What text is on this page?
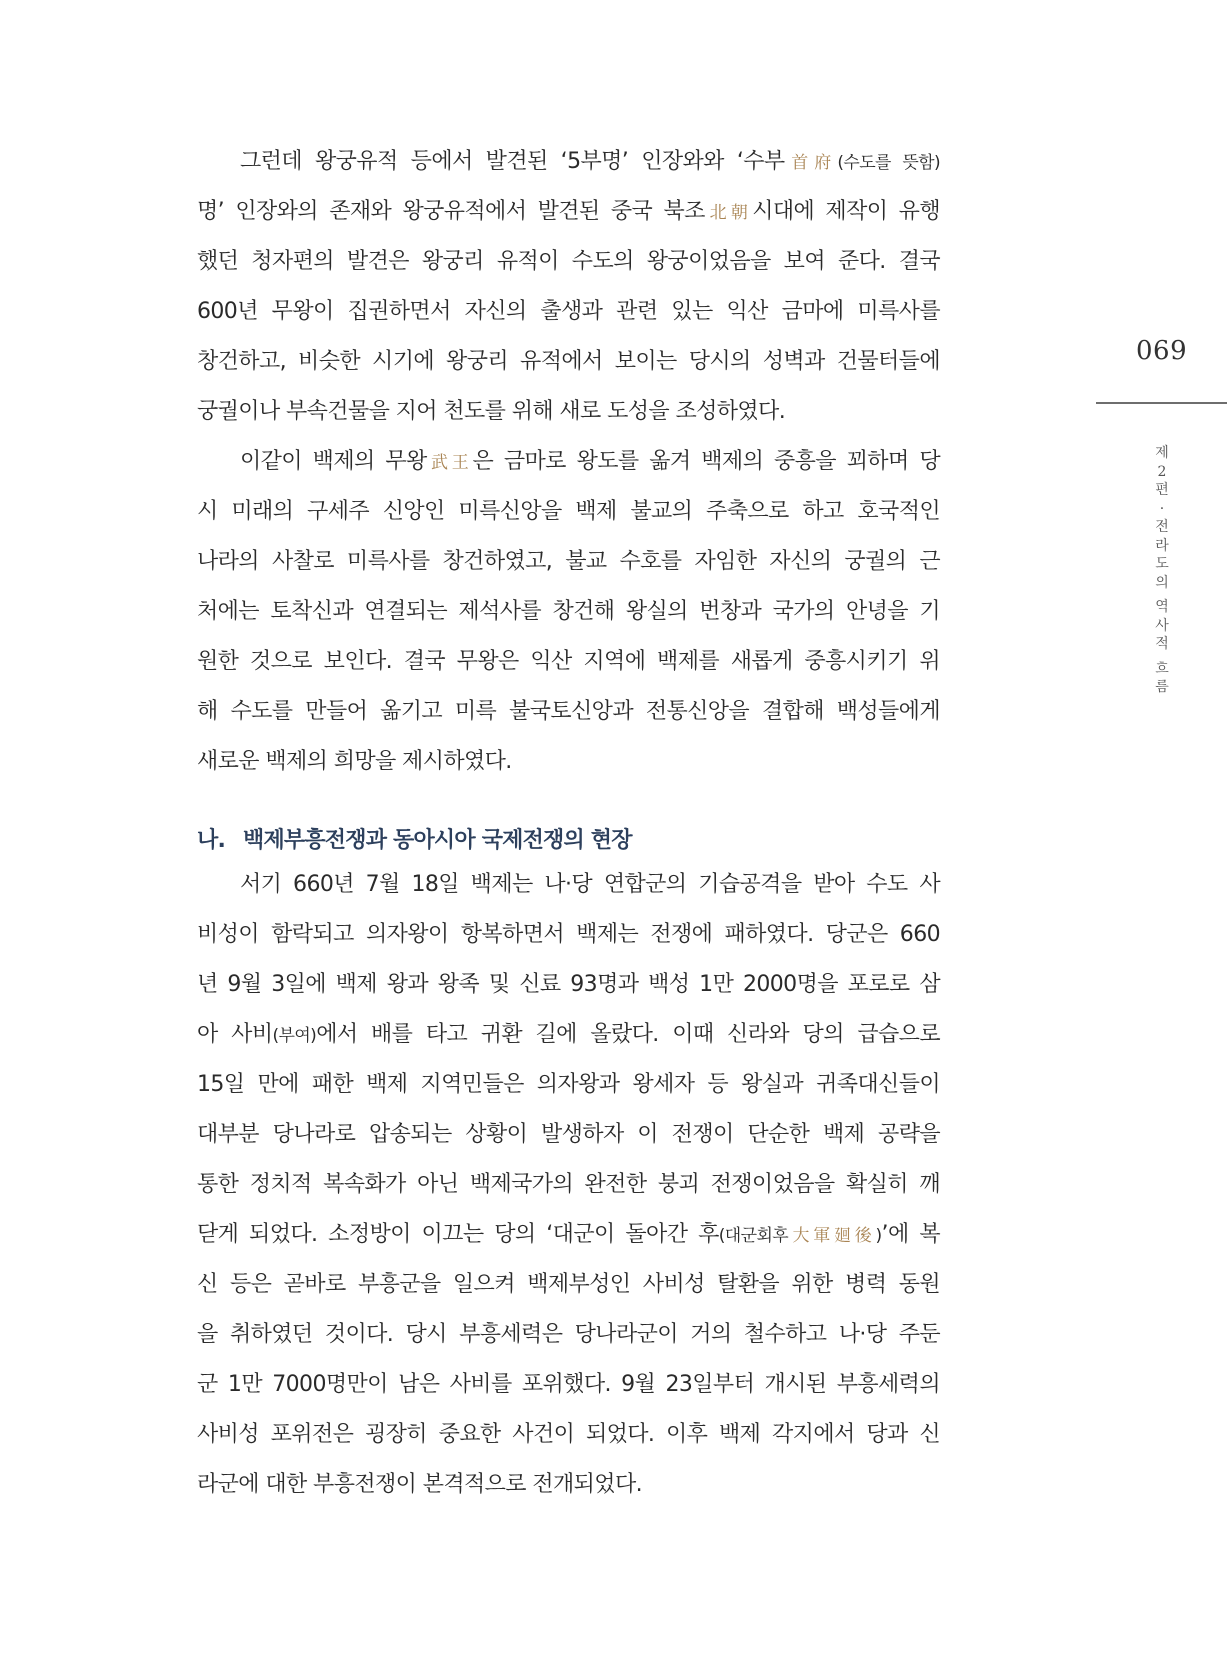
그런데 왕궁유적 등에서 발견된 ‘5부명’ 인장와와 ‘수부首府(수도를 뜻함)
명’ 인장와의 존재와 왕궁유적에서 발견된 중국 북조北朝시대에 제작이 유행
했던 청자편의 발견은 왕궁리 유적이 수도의 왕궁이었음을 보여 준다. 결국
600년 무왕이 집권하면서 자신의 출생과 관련 있는 익산 금마에 미륵사를
창건하고, 비슷한 시기에 왕궁리 유적에서 보이는 당시의 성벽과 건물터들에
궁궐이나 부속건물을 지어 천도를 위해 새로 도성을 조성하였다.
이같이 백제의 무왕武王은 금마로 왕도를 옮겨 백제의 중흥을 꾀하며 당
시 미래의 구세주 신앙인 미륵신앙을 백제 불교의 주축으로 하고 호국적인
나라의 사찰로 미륵사를 창건하였고, 불교 수호를 자임한 자신의 궁궐의 근
처에는 토착신과 연결되는 제석사를 창건해 왕실의 번창과 국가의 안녕을 기
원한 것으로 보인다. 결국 무왕은 익산 지역에 백제를 새롭게 중흥시키기 위
해 수도를 만들어 옮기고 미륵 불국토신앙과 전통신앙을 결합해 백성들에게
새로운 백제의 희망을 제시하였다.
나. 백제부흥전쟁과 동아시아 국제전쟁의 현장
서기 660년 7월 18일 백제는 나·당 연합군의 기습공격을 받아 수도 사
비성이 함락되고 의자왕이 항복하면서 백제는 전쟁에 패하였다. 당군은 660
년 9월 3일에 백제 왕과 왕족 및 신료 93명과 백성 1만 2000명을 포로로 삼
아 사비(부여)에서 배를 타고 귀환 길에 올랐다. 이때 신라와 당의 급습으로
15일 만에 패한 백제 지역민들은 의자왕과 왕세자 등 왕실과 귀족대신들이
대부분 당나라로 압송되는 상황이 발생하자 이 전쟁이 단순한 백제 공략을
통한 정치적 복속화가 아닌 백제국가의 완전한 붕괴 전쟁이었음을 확실히 깨
닫게 되었다. 소정방이 이끄는 당의 ‘대군이 돌아간 후(대군회후大軍廻後)’에 복
신 등은 곧바로 부흥군을 일으켜 백제부성인 사비성 탈환을 위한 병력 동원
을 취하였던 것이다. 당시 부흥세력은 당나라군이 거의 철수하고 나·당 주둔
군 1만 7000명만이 남은 사비를 포위했다. 9월 23일부터 개시된 부흥세력의
사비성 포위전은 굉장히 중요한 사건이 되었다. 이후 백제 각지에서 당과 신
라군에 대한 부흥전쟁이 본격적으로 전개되었다.
069
제
2
편
·
전
라
도
의
역
사
적
흐
름
